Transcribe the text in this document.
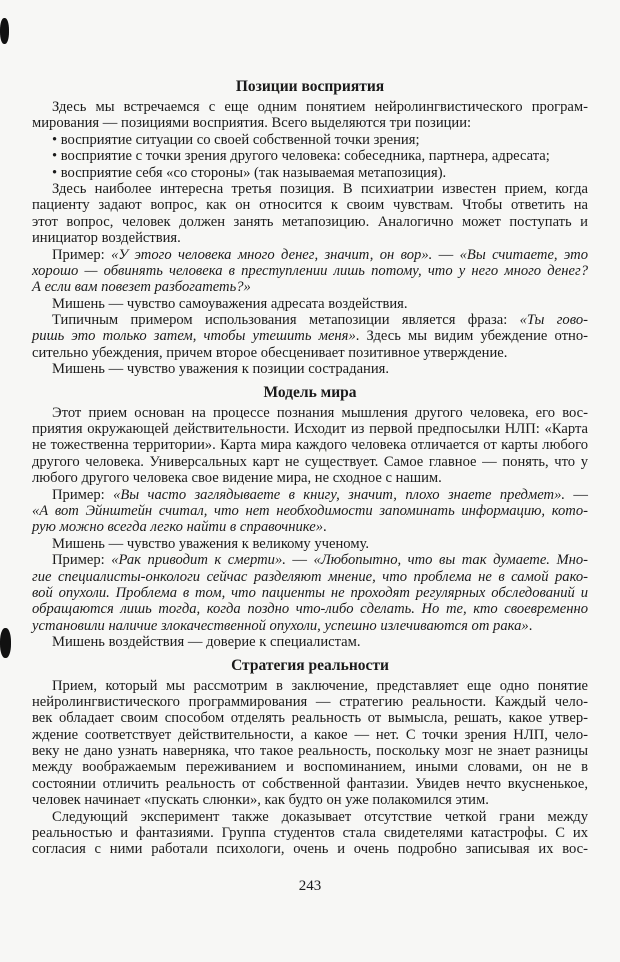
Позиции восприятия
Здесь мы встречаемся с еще одним понятием нейролингвистического програм-
мирования — позициями восприятия. Всего выделяются три позиции:
• восприятие ситуации со своей собственной точки зрения;
• восприятие с точки зрения другого человека: собеседника, партнера, адресата;
• восприятие себя «со стороны» (так называемая метапозиция).
Здесь наиболее интересна третья позиция. В психиатрии известен прием, когда
пациенту задают вопрос, как он относится к своим чувствам. Чтобы ответить на
этот вопрос, человек должен занять метапозицию. Аналогично может поступать и
инициатор воздействия.
Пример: «У этого человека много денег, значит, он вор». — «Вы считаете, это
хорошо — обвинять человека в преступлении лишь потому, что у него много денег?
А если вам повезет разбогатеть?»
Мишень — чувство самоуважения адресата воздействия.
Типичным примером использования метапозиции является фраза: «Ты гово-
ришь это только затем, чтобы утешить меня». Здесь мы видим убеждение отно-
сительно убеждения, причем второе обесценивает позитивное утверждение.
Мишень — чувство уважения к позиции сострадания.
Модель мира
Этот прием основан на процессе познания мышления другого человека, его вос-
приятия окружающей действительности. Исходит из первой предпосылки НЛП: «Карта
не тожественна территории». Карта мира каждого человека отличается от карты любого
другого человека. Универсальных карт не существует. Самое главное — понять, что у
любого другого человека свое видение мира, не сходное с нашим.
Пример: «Вы часто заглядываете в книгу, значит, плохо знаете предмет». —
«А вот Эйнштейн считал, что нет необходимости запоминать информацию, кото-
рую можно всегда легко найти в справочнике».
Мишень — чувство уважения к великому ученому.
Пример: «Рак приводит к смерти». — «Любопытно, что вы так думаете. Мно-
гие специалисты-онкологи сейчас разделяют мнение, что проблема не в самой рако-
вой опухоли. Проблема в том, что пациенты не проходят регулярных обследований и
обращаются лишь тогда, когда поздно что-либо сделать. Но те, кто своевременно
установили наличие злокачественной опухоли, успешно излечиваются от рака».
Мишень воздействия — доверие к специалистам.
Стратегия реальности
Прием, который мы рассмотрим в заключение, представляет еще одно понятие
нейролингвистического программирования — стратегию реальности. Каждый чело-
век обладает своим способом отделять реальность от вымысла, решать, какое утвер-
ждение соответствует действительности, а какое — нет. С точки зрения НЛП, чело-
веку не дано узнать наверняка, что такое реальность, поскольку мозг не знает разницы
между воображаемым переживанием и воспоминанием, иными словами, он не в
состоянии отличить реальность от собственной фантазии. Увидев нечто вкусненькое,
человек начинает «пускать слюнки», как будто он уже полакомился этим.
Следующий эксперимент также доказывает отсутствие четкой грани между
реальностью и фантазиями. Группа студентов стала свидетелями катастрофы. С их
согласия с ними работали психологи, очень и очень подробно записывая их вос-
243
